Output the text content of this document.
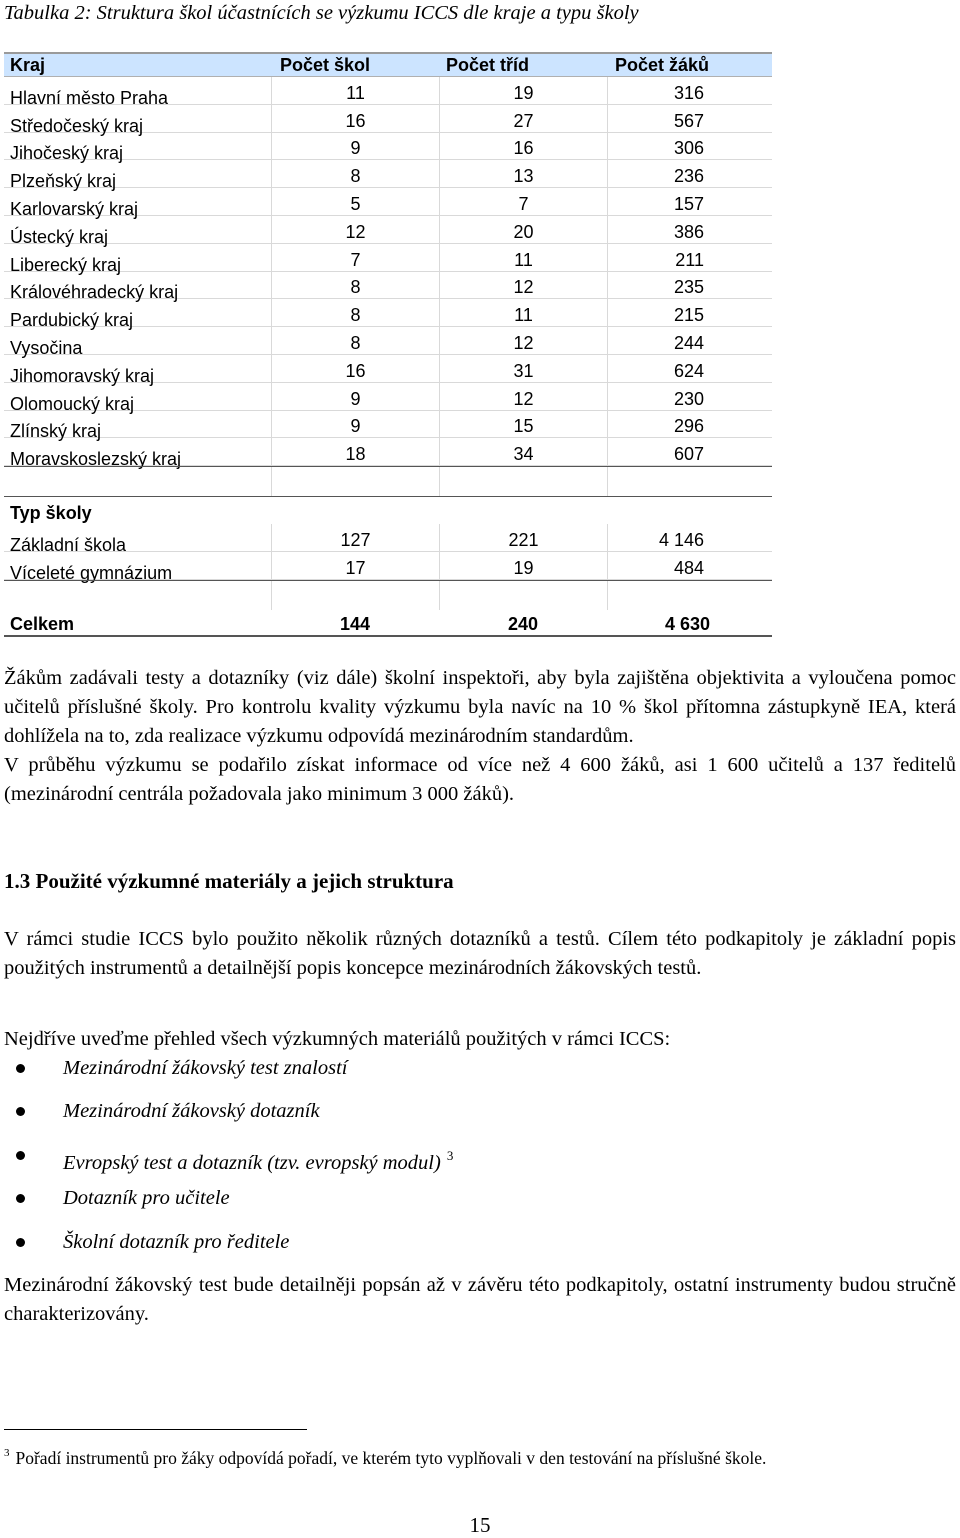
Tabulka 2: Struktura škol účastnících se výzkumu ICCS dle kraje a typu školy
Kraj	Počet škol	Počet tříd	Počet žáků
Hlavní město Praha	11	19	316
Středočeský kraj	16	27	567
Jihočeský kraj	9	16	306
Plzeňský kraj	8	13	236
Karlovarský kraj	5	7	157
Ústecký kraj	12	20	386
Liberecký kraj	7	11	211
Královéhradecký kraj	8	12	235
Pardubický kraj	8	11	215
Vysočina	8	12	244
Jihomoravský kraj	16	31	624
Olomoucký kraj	9	12	230
Zlínský kraj	9	15	296
Moravskoslezský kraj	18	34	607
Typ školy
Základní škola	127	221	4 146
Víceleté gymnázium	17	19	484
Celkem	144	240	4 630

Žákům zadávali testy a dotazníky (viz dále) školní inspektoři, aby byla zajištěna objektivita a vyloučena pomoc učitelů příslušné školy. Pro kontrolu kvality výzkumu byla navíc na 10 % škol přítomna zástupkyně IEA, která dohlížela na to, zda realizace výzkumu odpovídá mezinárodním standardům.

V průběhu výzkumu se podařilo získat informace od více než 4 600 žáků, asi 1 600 učitelů a 137 ředitelů (mezinárodní centrála požadovala jako minimum 3 000 žáků).

1.3 Použité výzkumné materiály a jejich struktura
V rámci studie ICCS bylo použito několik různých dotazníků a testů. Cílem této podkapitoly je základní popis použitých instrumentů a detailnější popis koncepce mezinárodních žákovských testů.
Nejdříve uveďme přehled všech výzkumných materiálů použitých v rámci ICCS:
Mezinárodní žákovský test znalostí
Mezinárodní žákovský dotazník
Evropský test a dotazník (tzv. evropský modul) $^3$
Dotazník pro učitele
Školní dotazník pro ředitele
Mezinárodní žákovský test bude detailněji popsán až v závěru této podkapitoly, ostatní instrumenty budou stručně charakterizovány.
$^3$ Pořadí instrumentů pro žáky odpovídá pořadí, ve kterém tyto vyplňovali v den testování na příslušné škole.
15
